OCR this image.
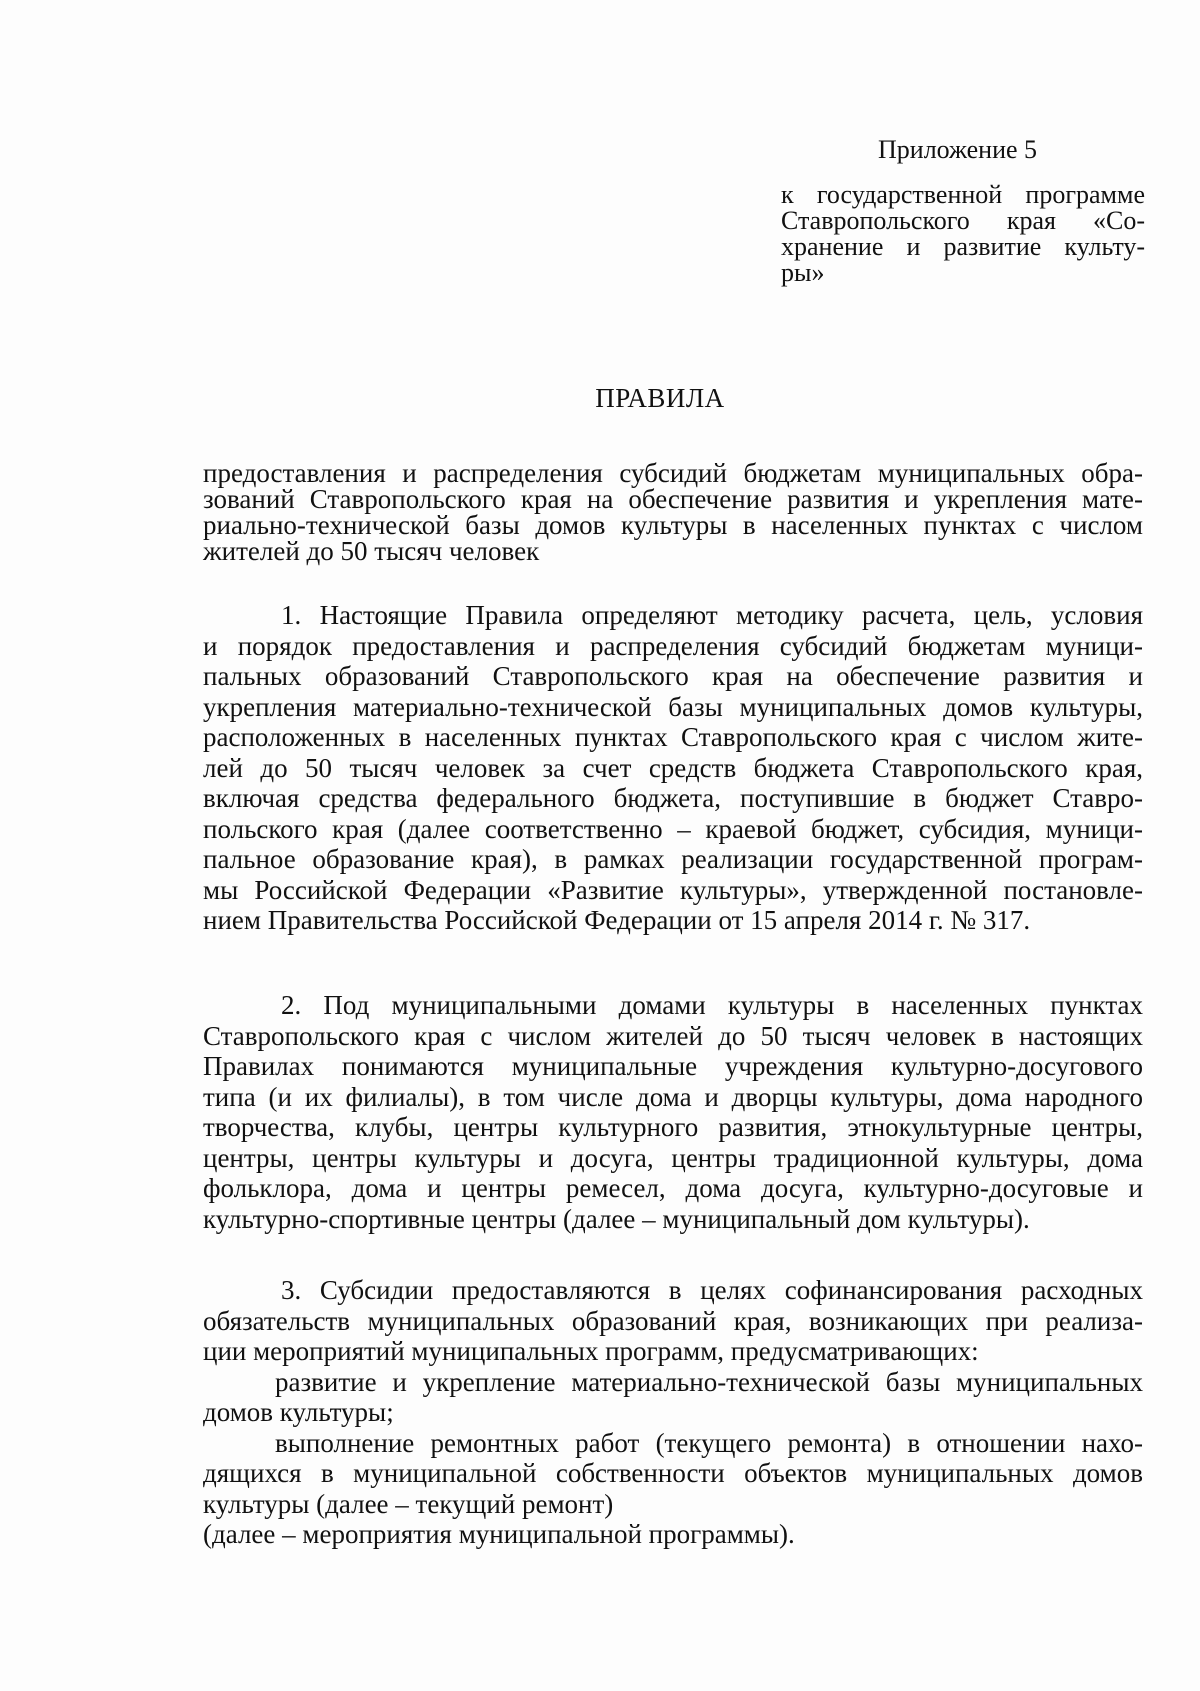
Приложение 5
к государственной программе
Ставропольского края «Со-
хранение и развитие культу-
ры»
ПРАВИЛА
предоставления и распределения субсидий бюджетам муниципальных обра-
зований Ставропольского края на обеспечение развития и укрепления мате-
риально-технической базы домов культуры в населенных пунктах с числом
жителей до 50 тысяч человек
1. Настоящие Правила определяют методику расчета, цель, условия
и порядок предоставления и распределения субсидий бюджетам муници-
пальных образований Ставропольского края на обеспечение развития и
укрепления материально-технической базы муниципальных домов культуры,
расположенных в населенных пунктах Ставропольского края с числом жите-
лей до 50 тысяч человек за счет средств бюджета Ставропольского края,
включая средства федерального бюджета, поступившие в бюджет Ставро-
польского края (далее соответственно – краевой бюджет, субсидия, муници-
пальное образование края), в рамках реализации государственной програм-
мы Российской Федерации «Развитие культуры», утвержденной постановле-
нием Правительства Российской Федерации от 15 апреля 2014 г. № 317.
2. Под муниципальными домами культуры в населенных пунктах
Ставропольского края с числом жителей до 50 тысяч человек в настоящих
Правилах понимаются муниципальные учреждения культурно-досугового
типа (и их филиалы), в том числе дома и дворцы культуры, дома народного
творчества, клубы, центры культурного развития, этнокультурные центры,
центры, центры культуры и досуга, центры традиционной культуры, дома
фольклора, дома и центры ремесел, дома досуга, культурно-досуговые и
культурно-спортивные центры (далее – муниципальный дом культуры).
3. Субсидии предоставляются в целях софинансирования расходных
обязательств муниципальных образований края, возникающих при реализа-
ции мероприятий муниципальных программ, предусматривающих:
развитие и укрепление материально-технической базы муниципальных
домов культуры;
выполнение ремонтных работ (текущего ремонта) в отношении нахо-
дящихся в муниципальной собственности объектов муниципальных домов
культуры (далее – текущий ремонт)
(далее – мероприятия муниципальной программы).
